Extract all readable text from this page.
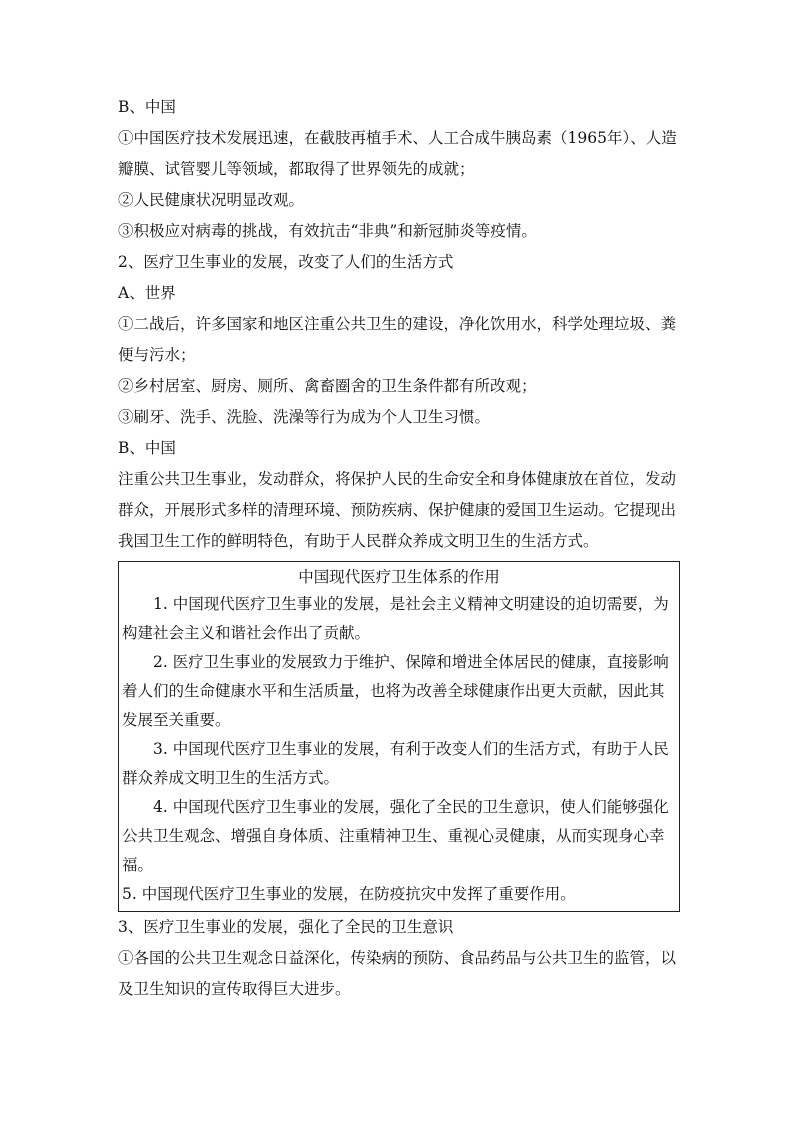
B、中国
①中国医疗技术发展迅速，在截肢再植手术、人工合成牛胰岛素（1965年）、人造瓣膜、试管婴儿等领域，都取得了世界领先的成就；
②人民健康状况明显改观。
③积极应对病毒的挑战，有效抗击“非典”和新冠肺炎等疫情。
2、医疗卫生事业的发展，改变了人们的生活方式
A、世界
①二战后，许多国家和地区注重公共卫生的建设，净化饮用水，科学处理垃圾、粪便与污水；
②乡村居室、厨房、厕所、禽畜圈舍的卫生条件都有所改观；
③刷牙、洗手、洗脸、洗澡等行为成为个人卫生习惯。
B、中国
注重公共卫生事业，发动群众，将保护人民的生命安全和身体健康放在首位，发动群众，开展形式多样的清理环境、预防疾病、保护健康的爱国卫生运动。它提现出我国卫生工作的鲜明特色，有助于人民群众养成文明卫生的生活方式。
中国现代医疗卫生体系的作用
1. 中国现代医疗卫生事业的发展，是社会主义精神文明建设的迫切需要，为构建社会主义和谐社会作出了贡献。
2. 医疗卫生事业的发展致力于维护、保障和增进全体居民的健康，直接影响着人们的生命健康水平和生活质量，也将为改善全球健康作出更大贡献，因此其发展至关重要。
3. 中国现代医疗卫生事业的发展，有利于改变人们的生活方式，有助于人民群众养成文明卫生的生活方式。
4. 中国现代医疗卫生事业的发展，强化了全民的卫生意识，使人们能够强化公共卫生观念、增强自身体质、注重精神卫生、重视心灵健康，从而实现身心幸福。
5. 中国现代医疗卫生事业的发展，在防疫抗灾中发挥了重要作用。
3、医疗卫生事业的发展，强化了全民的卫生意识
①各国的公共卫生观念日益深化，传染病的预防、食品药品与公共卫生的监管，以及卫生知识的宣传取得巨大进步。
